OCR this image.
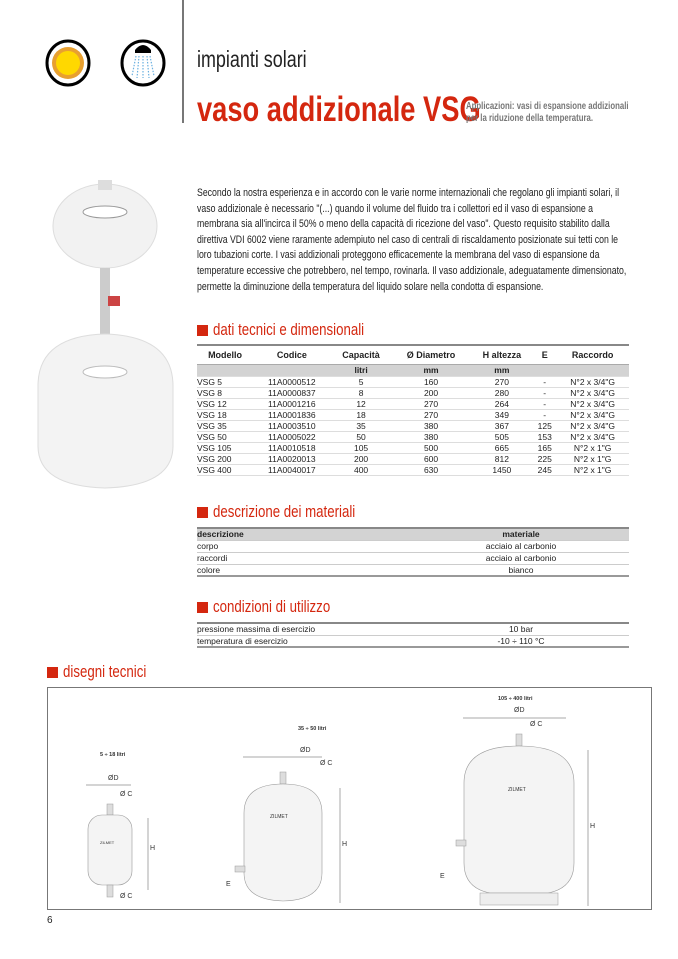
impianti solari
vaso addizionale VSG
Applicazioni: vasi di espansione addizionali
per la riduzione della temperatura.
Secondo la nostra esperienza e in accordo con le varie norme internazionali che regolano gli impianti solari, il vaso addizionale è necessario "(...) quando il volume del fluido tra i collettori ed il vaso di espansione a membrana sia all'incirca il 50% o meno della capacità di ricezione del vaso". Questo requisito stabilito dalla direttiva VDI 6002 viene raramente adempiuto nel caso di centrali di riscaldamento posizionate sui tetti con le loro tubazioni corte. I vasi addizionali proteggono efficacemente la membrana del vaso di espansione da temperature eccessive che potrebbero, nel tempo, rovinarla. Il vaso addizionale, adeguatamente dimensionato, permette la diminuzione della temperatura del liquido solare nella condotta di espansione.
dati tecnici e dimensionali
Modello	Codice	Capacità	Ø Diametro	H altezza	E	Raccordo
		litri	mm	mm		
VSG 5	11A0000512	5	160	270	-	N°2 x 3/4"G
VSG 8	11A0000837	8	200	280	-	N°2 x 3/4"G
VSG 12	11A0001216	12	270	264	-	N°2 x 3/4"G
VSG 18	11A0001836	18	270	349	-	N°2 x 3/4"G
VSG 35	11A0003510	35	380	367	125	N°2 x 3/4"G
VSG 50	11A0005022	50	380	505	153	N°2 x 3/4"G
VSG 105	11A0010518	105	500	665	165	N°2 x 1"G
VSG 200	11A0020013	200	600	812	225	N°2 x 1"G
VSG 400	11A0040017	400	630	1450	245	N°2 x 1"G
descrizione dei materiali
descrizione	materiale
corpo	acciaio al carbonio
raccordi	acciaio al carbonio
colore	bianco
condizioni di utilizzo
pressione massima di esercizio	10 bar
temperatura di esercizio	-10 ÷ 110 °C
disegni tecnici
5 ÷ 18 litri
ØD
Ø C
Ø C
H
ZILMET
35 ÷ 50 litri
ØD
Ø C
H
E
ZILMET
105 ÷ 400 litri
ØD
Ø C
H
E
ZILMET
6
